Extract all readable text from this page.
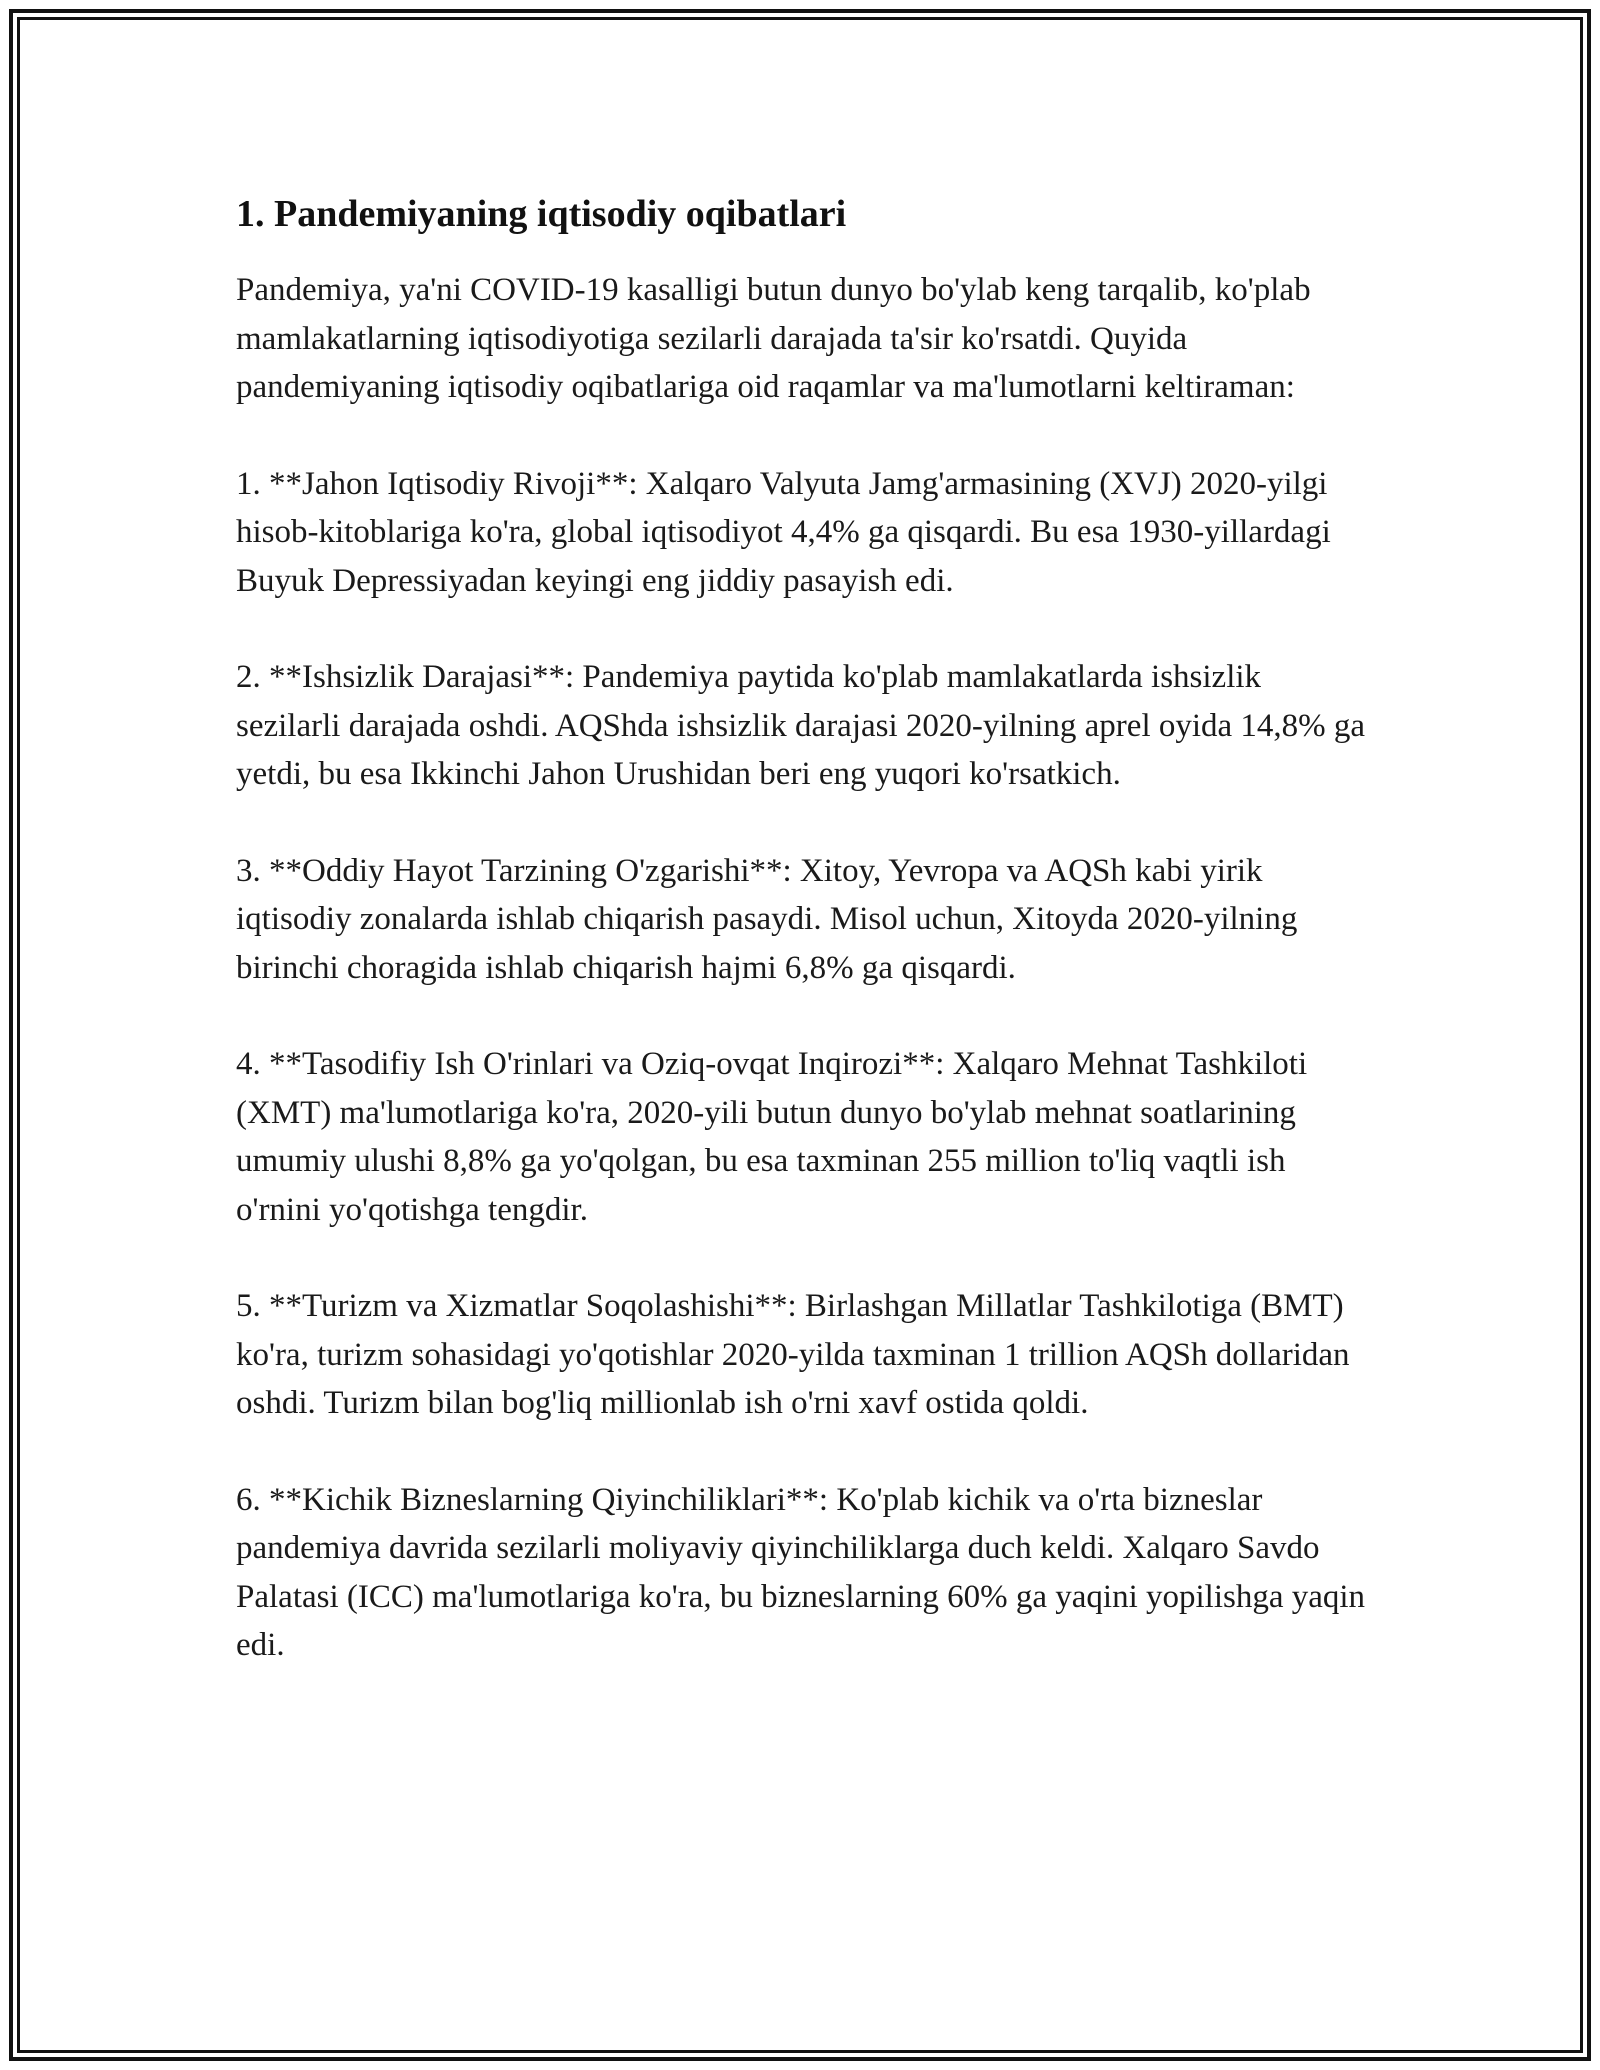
1. Pandemiyaning iqtisodiy oqibatlari

Pandemiya, ya'ni COVID-19 kasalligi butun dunyo bo'ylab keng tarqalib, ko'plab mamlakatlarning iqtisodiyotiga sezilarli darajada ta'sir ko'rsatdi. Quyida pandemiyaning iqtisodiy oqibatlariga oid raqamlar va ma'lumotlarni keltiraman:

1. **Jahon Iqtisodiy Rivoji**: Xalqaro Valyuta Jamg'armasining (XVJ) 2020-yilgi hisob-kitoblariga ko'ra, global iqtisodiyot 4,4% ga qisqardi. Bu esa 1930-yillardagi Buyuk Depressiyadan keyingi eng jiddiy pasayish edi.

2. **Ishsizlik Darajasi**: Pandemiya paytida ko'plab mamlakatlarda ishsizlik sezilarli darajada oshdi. AQShda ishsizlik darajasi 2020-yilning aprel oyida 14,8% ga yetdi, bu esa Ikkinchi Jahon Urushidan beri eng yuqori ko'rsatkich.

3. **Oddiy Hayot Tarzining O'zgarishi**: Xitoy, Yevropa va AQSh kabi yirik iqtisodiy zonalarda ishlab chiqarish pasaydi. Misol uchun, Xitoyda 2020-yilning birinchi choragida ishlab chiqarish hajmi 6,8% ga qisqardi.

4. **Tasodifiy Ish O'rinlari va Oziq-ovqat Inqirozi**: Xalqaro Mehnat Tashkiloti (XMT) ma'lumotlariga ko'ra, 2020-yili butun dunyo bo'ylab mehnat soatlarining umumiy ulushi 8,8% ga yo'qolgan, bu esa taxminan 255 million to'liq vaqtli ish o'rnini yo'qotishga tengdir.

5. **Turizm va Xizmatlar Soqolashishi**: Birlashgan Millatlar Tashkilotiga (BMT) ko'ra, turizm sohasidagi yo'qotishlar 2020-yilda taxminan 1 trillion AQSh dollaridan oshdi. Turizm bilan bog'liq millionlab ish o'rni xavf ostida qoldi.

6. **Kichik Bizneslarning Qiyinchiliklari**: Ko'plab kichik va o'rta bizneslar pandemiya davrida sezilarli moliyaviy qiyinchiliklarga duch keldi. Xalqaro Savdo Palatasi (ICC) ma'lumotlariga ko'ra, bu bizneslarning 60% ga yaqini yopilishga yaqin edi.
